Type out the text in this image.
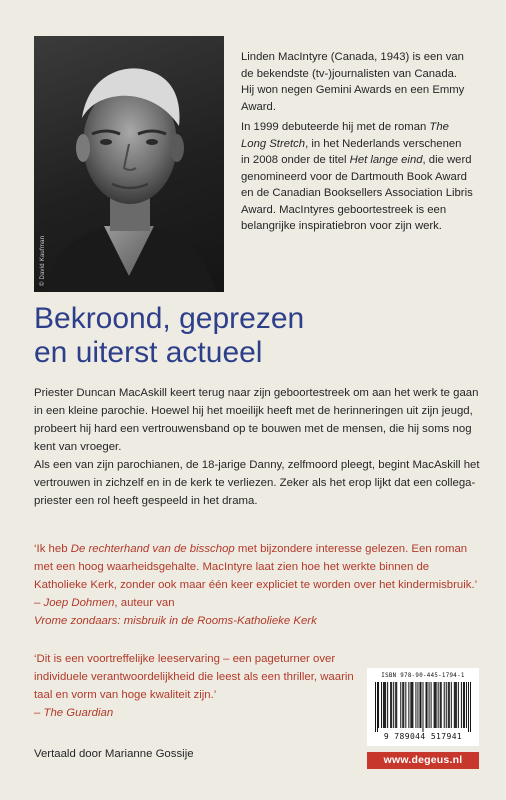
© David Kaufman

Linden MacIntyre (Canada, 1943) is een van de bekendste (tv-)journalisten van Canada. Hij won negen Gemini Awards en een Emmy Award.

In 1999 debuteerde hij met de roman The Long Stretch, in het Nederlands verschenen in 2008 onder de titel Het lange eind, die werd genomineerd voor de Dartmouth Book Award en de Canadian Booksellers Association Libris Award. MacIntyres geboortestreek is een belangrijke inspiratiebron voor zijn werk.

Bekroond, geprezen
en uiterst actueel

Priester Duncan MacAskill keert terug naar zijn geboortestreek om aan het werk te gaan in een kleine parochie. Hoewel hij het moeilijk heeft met de herinneringen uit zijn jeugd, probeert hij hard een vertrouwensband op te bouwen met de mensen, die hij soms nog kent van vroeger.

Als een van zijn parochianen, de 18-jarige Danny, zelfmoord pleegt, begint MacAskill het vertrouwen in zichzelf en in de kerk te verliezen. Zeker als het erop lijkt dat een collega-priester een rol heeft gespeeld in het drama.

‘Ik heb De rechterhand van de bisschop met bijzondere interesse gelezen. Een roman met een hoog waarheidsgehalte. MacIntyre laat zien hoe het werkte binnen de Katholieke Kerk, zonder ook maar één keer expliciet te worden over het kindermisbruik.’ – Joep Dohmen, auteur van
Vrome zondaars: misbruik in de Rooms-Katholieke Kerk
‘Dit is een voortreffelijke leeservaring – een pageturner over individuele verantwoordelijkheid die leest als een thriller, waarin taal en vorm van hoge kwaliteit zijn.’
– The Guardian
Vertaald door Marianne Gossije
ISBN 978-90-445-1794-1
9 789044 517941
www.degeus.nl
